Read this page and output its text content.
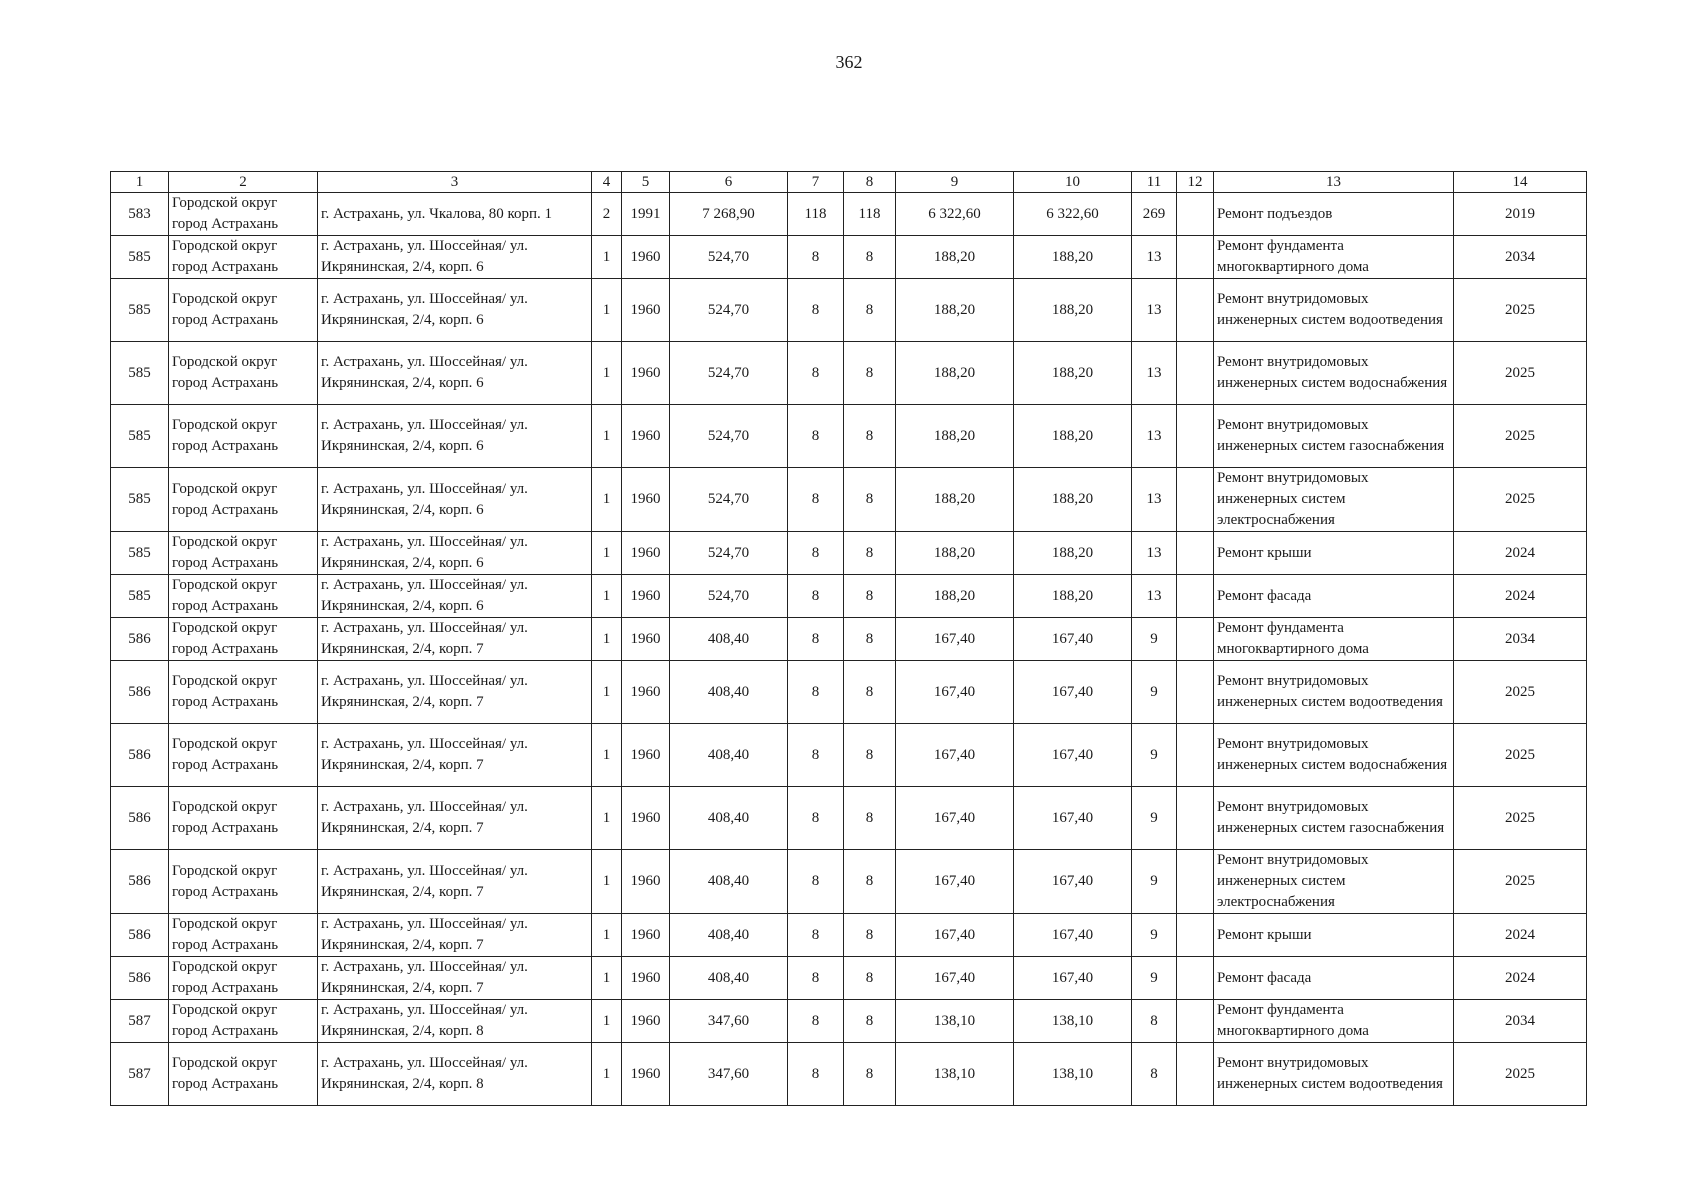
362
1	2	3	4	5	6	7	8	9	10	11	12	13	14
583	Городской округ город Астрахань	г. Астрахань, ул. Чкалова, 80 корп. 1	2	1991	7 268,90	118	118	6 322,60	6 322,60	269		Ремонт подъездов	2019
585	Городской округ город Астрахань	г. Астрахань, ул. Шоссейная/ ул. Икрянинская, 2/4, корп. 6	1	1960	524,70	8	8	188,20	188,20	13		Ремонт фундамента многоквартирного дома	2034
585	Городской округ город Астрахань	г. Астрахань, ул. Шоссейная/ ул. Икрянинская, 2/4, корп. 6	1	1960	524,70	8	8	188,20	188,20	13		Ремонт внутридомовых инженерных систем водоотведения	2025
585	Городской округ город Астрахань	г. Астрахань, ул. Шоссейная/ ул. Икрянинская, 2/4, корп. 6	1	1960	524,70	8	8	188,20	188,20	13		Ремонт внутридомовых инженерных систем водоснабжения	2025
585	Городской округ город Астрахань	г. Астрахань, ул. Шоссейная/ ул. Икрянинская, 2/4, корп. 6	1	1960	524,70	8	8	188,20	188,20	13		Ремонт внутридомовых инженерных систем газоснабжения	2025
585	Городской округ город Астрахань	г. Астрахань, ул. Шоссейная/ ул. Икрянинская, 2/4, корп. 6	1	1960	524,70	8	8	188,20	188,20	13		Ремонт внутридомовых инженерных систем электроснабжения	2025
585	Городской округ город Астрахань	г. Астрахань, ул. Шоссейная/ ул. Икрянинская, 2/4, корп. 6	1	1960	524,70	8	8	188,20	188,20	13		Ремонт крыши	2024
585	Городской округ город Астрахань	г. Астрахань, ул. Шоссейная/ ул. Икрянинская, 2/4, корп. 6	1	1960	524,70	8	8	188,20	188,20	13		Ремонт фасада	2024
586	Городской округ город Астрахань	г. Астрахань, ул. Шоссейная/ ул. Икрянинская, 2/4, корп. 7	1	1960	408,40	8	8	167,40	167,40	9		Ремонт фундамента многоквартирного дома	2034
586	Городской округ город Астрахань	г. Астрахань, ул. Шоссейная/ ул. Икрянинская, 2/4, корп. 7	1	1960	408,40	8	8	167,40	167,40	9		Ремонт внутридомовых инженерных систем водоотведения	2025
586	Городской округ город Астрахань	г. Астрахань, ул. Шоссейная/ ул. Икрянинская, 2/4, корп. 7	1	1960	408,40	8	8	167,40	167,40	9		Ремонт внутридомовых инженерных систем водоснабжения	2025
586	Городской округ город Астрахань	г. Астрахань, ул. Шоссейная/ ул. Икрянинская, 2/4, корп. 7	1	1960	408,40	8	8	167,40	167,40	9		Ремонт внутридомовых инженерных систем газоснабжения	2025
586	Городской округ город Астрахань	г. Астрахань, ул. Шоссейная/ ул. Икрянинская, 2/4, корп. 7	1	1960	408,40	8	8	167,40	167,40	9		Ремонт внутридомовых инженерных систем электроснабжения	2025
586	Городской округ город Астрахань	г. Астрахань, ул. Шоссейная/ ул. Икрянинская, 2/4, корп. 7	1	1960	408,40	8	8	167,40	167,40	9		Ремонт крыши	2024
586	Городской округ город Астрахань	г. Астрахань, ул. Шоссейная/ ул. Икрянинская, 2/4, корп. 7	1	1960	408,40	8	8	167,40	167,40	9		Ремонт фасада	2024
587	Городской округ город Астрахань	г. Астрахань, ул. Шоссейная/ ул. Икрянинская, 2/4, корп. 8	1	1960	347,60	8	8	138,10	138,10	8		Ремонт фундамента многоквартирного дома	2034
587	Городской округ город Астрахань	г. Астрахань, ул. Шоссейная/ ул. Икрянинская, 2/4, корп. 8	1	1960	347,60	8	8	138,10	138,10	8		Ремонт внутридомовых инженерных систем водоотведения	2025
